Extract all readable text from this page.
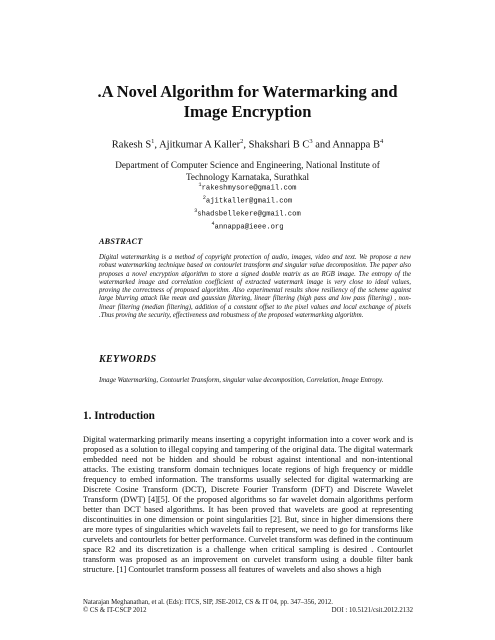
.A Novel Algorithm for Watermarking and
Image Encryption
Rakesh $S^1$, Ajitkumar A Kaller$^2$, Shakshari B $C^3$ and Annappa $B^4$
Department of Computer Science and Engineering, National Institute of
Technology Karnataka, Surathkal
$^1$rakeshmysore@gmail.com
$^2$ajitkaller@gmail.com
$^3$shadsbellekere@gmail.com
$^4$annappa@ieee.org
ABSTRACT
Digital watermarking is a method of copyright protection of audio, images, video and text. We propose a new robust watermarking technique based on contourlet transform and singular value decomposition. The paper also proposes a novel encryption algorithm to store a signed double matrix as an RGB image. The entropy of the watermarked image and correlation coefficient of extracted watermark image is very close to ideal values, proving the correctness of proposed algorithm. Also experimental results show resiliency of the scheme against large blurring attack like mean and gaussian filtering, linear filtering (high pass and low pass filtering) , non-linear filtering (median filtering), addition of a constant offset to the pixel values and local exchange of pixels .Thus proving the security, effectiveness and robustness of the proposed watermarking algorithm.
KEYWORDS
Image Watermarking, Contourlet Transform, singular value decomposition, Correlation, Image Entropy.
1. Introduction
Digital watermarking primarily means inserting a copyright information into a cover work and is proposed as a solution to illegal copying and tampering of the original data. The digital watermark embedded need not be hidden and should be robust against intentional and non-intentional attacks. The existing transform domain techniques locate regions of high frequency or middle frequency to embed information. The transforms usually selected for digital watermarking are Discrete Cosine Transform (DCT), Discrete Fourier Transform (DFT) and Discrete Wavelet Transform (DWT) [4][5]. Of the proposed algorithms so far wavelet domain algorithms perform better than DCT based algorithms. It has been proved that wavelets are good at representing discontinuities in one dimension or point singularities [2]. But, since in higher dimensions there are more types of singularities which wavelets fail to represent, we need to go for transforms like curvelets and contourlets for better performance. Curvelet transform was defined in the continuum space R2 and its discretization is a challenge when critical sampling is desired . Contourlet transform was proposed as an improvement on curvelet transform using a double filter bank structure. [1] Contourlet transform possess all features of wavelets and also shows a high
Natarajan Meghanathan, et al. (Eds): ITCS, SIP, JSE-2012, CS & IT 04, pp. 347–356, 2012.
© CS & IT-CSCP 2012	DOI : 10.5121/csit.2012.2132
